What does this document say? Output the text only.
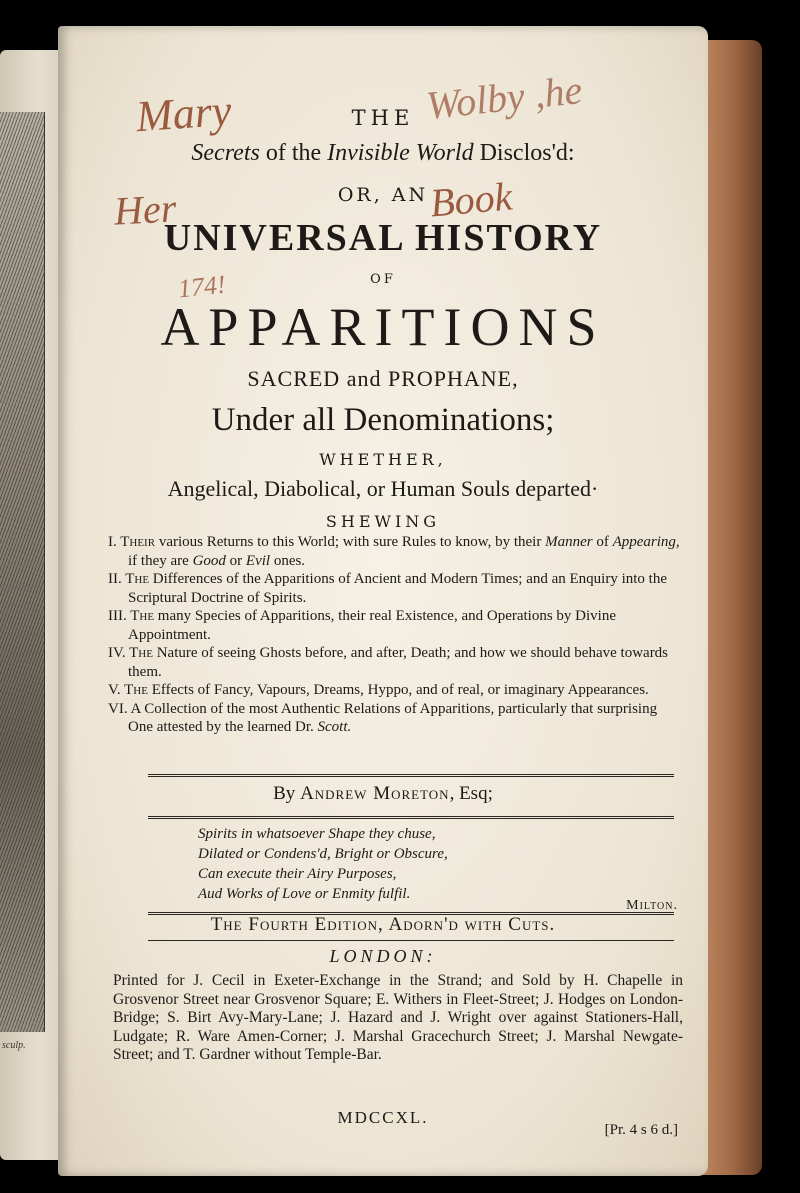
sculp.
Mary	Wolby ,he
Her	Book
174!
THE
Secrets of the Invisible World Disclos'd:
OR, AN
UNIVERSAL HISTORY
OF
APPARITIONS
SACRED and PROPHANE,
Under all Denominations;
WHETHER,
Angelical, Diabolical, or Human Souls departed·
SHEWING

I. Their various Returns to this World; with sure Rules to know, by their Manner of Appearing, if they are Good or Evil ones.

II. The Differences of the Apparitions of Ancient and Modern Times; and an Enquiry into the Scriptural Doctrine of Spirits.

III. The many Species of Apparitions, their real Existence, and Operations by Divine Appointment.

IV. The Nature of seeing Ghosts before, and after, Death; and how we should behave towards them.

V. The Effects of Fancy, Vapours, Dreams, Hyppo, and of real, or imaginary Appearances.

VI. A Collection of the most Authentic Relations of Apparitions, particularly that surprising One attested by the learned Dr. Scott.

By Andrew Moreton, Esq;
Spirits in whatsoever Shape they chuse,
Dilated or Condens'd, Bright or Obscure,
Can execute their Airy Purposes,
Aud Works of Love or Enmity fulfil.
Milton.
The Fourth Edition, Adorn'd with Cuts.
LONDON:
Printed for J. Cecil in Exeter-Exchange in the Strand; and Sold by H. Chapelle in Grosvenor Street near Grosvenor Square; E. Withers in Fleet-Street; J. Hodges on London-Bridge; S. Birt Avy-Mary-Lane; J. Hazard and J. Wright over against Stationers-Hall, Ludgate; R. Ware Amen-Corner; J. Marshal Gracechurch Street; J. Marshal Newgate-Street; and T. Gardner without Temple-Bar.
MDCCXL.
[Pr. 4 s 6 d.]
